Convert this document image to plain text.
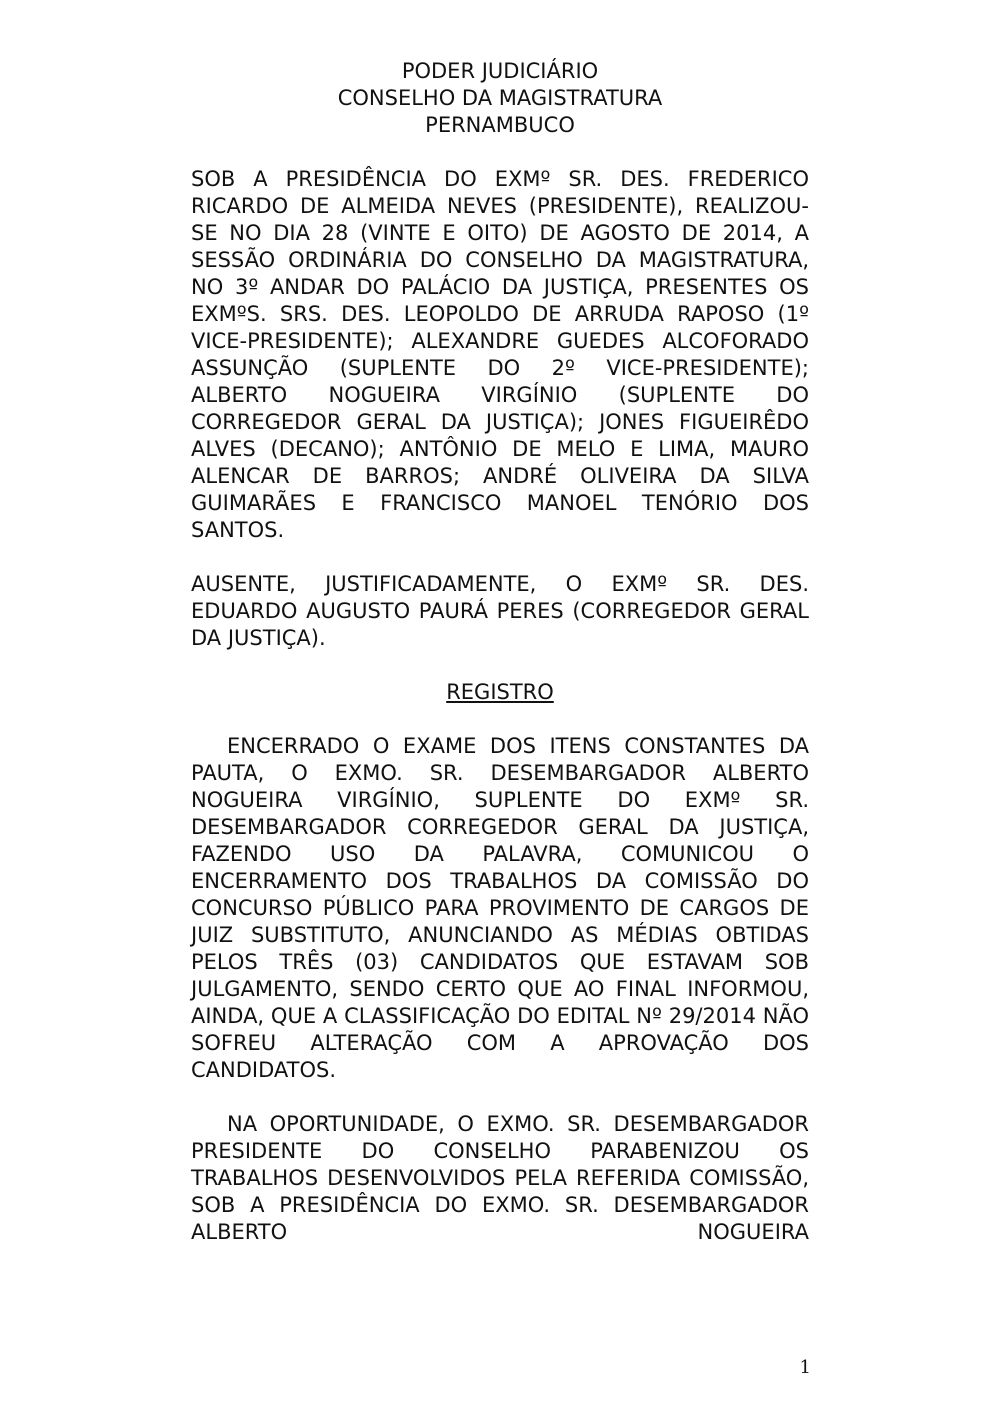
PODER JUDICIÁRIO
CONSELHO DA MAGISTRATURA
PERNAMBUCO

SOB A PRESIDÊNCIA DO EXMº SR. DES. FREDERICO RICARDO DE ALMEIDA NEVES (PRESIDENTE), REALIZOU-SE NO DIA 28 (VINTE E OITO) DE AGOSTO DE 2014, A SESSÃO ORDINÁRIA DO CONSELHO DA MAGISTRATURA, NO 3º ANDAR DO PALÁCIO DA JUSTIÇA, PRESENTES OS EXMºS. SRS. DES. LEOPOLDO DE ARRUDA RAPOSO (1º VICE-PRESIDENTE); ALEXANDRE GUEDES ALCOFORADO ASSUNÇÃO (SUPLENTE DO 2º VICE-PRESIDENTE); ALBERTO NOGUEIRA VIRGÍNIO (SUPLENTE DO CORREGEDOR GERAL DA JUSTIÇA); JONES FIGUEIRÊDO ALVES (DECANO); ANTÔNIO DE MELO E LIMA, MAURO ALENCAR DE BARROS; ANDRÉ OLIVEIRA DA SILVA GUIMARÃES E FRANCISCO MANOEL TENÓRIO DOS SANTOS.

AUSENTE, JUSTIFICADAMENTE, O EXMº SR. DES. EDUARDO AUGUSTO PAURÁ PERES (CORREGEDOR GERAL DA JUSTIÇA).

REGISTRO

ENCERRADO O EXAME DOS ITENS CONSTANTES DA PAUTA, O EXMO. SR. DESEMBARGADOR ALBERTO NOGUEIRA VIRGÍNIO, SUPLENTE DO EXMº SR. DESEMBARGADOR CORREGEDOR GERAL DA JUSTIÇA, FAZENDO USO DA PALAVRA, COMUNICOU O ENCERRAMENTO DOS TRABALHOS DA COMISSÃO DO CONCURSO PÚBLICO PARA PROVIMENTO DE CARGOS DE JUIZ SUBSTITUTO, ANUNCIANDO AS MÉDIAS OBTIDAS PELOS TRÊS (03) CANDIDATOS QUE ESTAVAM SOB JULGAMENTO, SENDO CERTO QUE AO FINAL INFORMOU, AINDA, QUE A CLASSIFICAÇÃO DO EDITAL Nº 29/2014 NÃO SOFREU ALTERAÇÃO COM A APROVAÇÃO DOS CANDIDATOS.

NA OPORTUNIDADE, O EXMO. SR. DESEMBARGADOR PRESIDENTE DO CONSELHO PARABENIZOU OS TRABALHOS DESENVOLVIDOS PELA REFERIDA COMISSÃO, SOB A PRESIDÊNCIA DO EXMO. SR. DESEMBARGADOR ALBERTO NOGUEIRA

1
